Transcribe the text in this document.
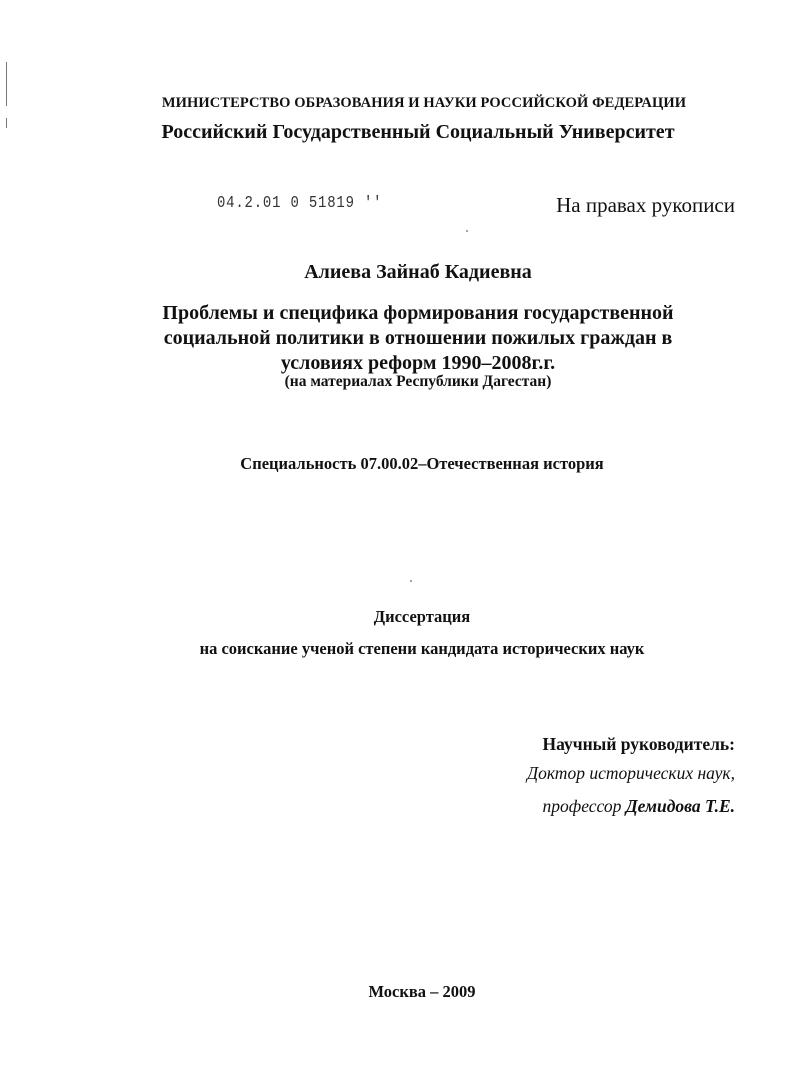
МИНИСТЕРСТВО ОБРАЗОВАНИЯ И НАУКИ РОССИЙСКОЙ ФЕДЕРАЦИИ
Российский Государственный Социальный Университет
04.2.01 0 51819 ''	На правах рукописи
Алиева Зайнаб Кадиевна
Проблемы и специфика формирования государственной
социальной политики в отношении пожилых граждан в
условиях реформ 1990–2008г.г.
(на материалах Республики Дагестан)
Специальность 07.00.02–Отечественная история
Диссертация
на соискание ученой степени кандидата исторических наук
Научный руководитель:
Доктор исторических наук,
профессор Демидова Т.Е.
Москва – 2009
